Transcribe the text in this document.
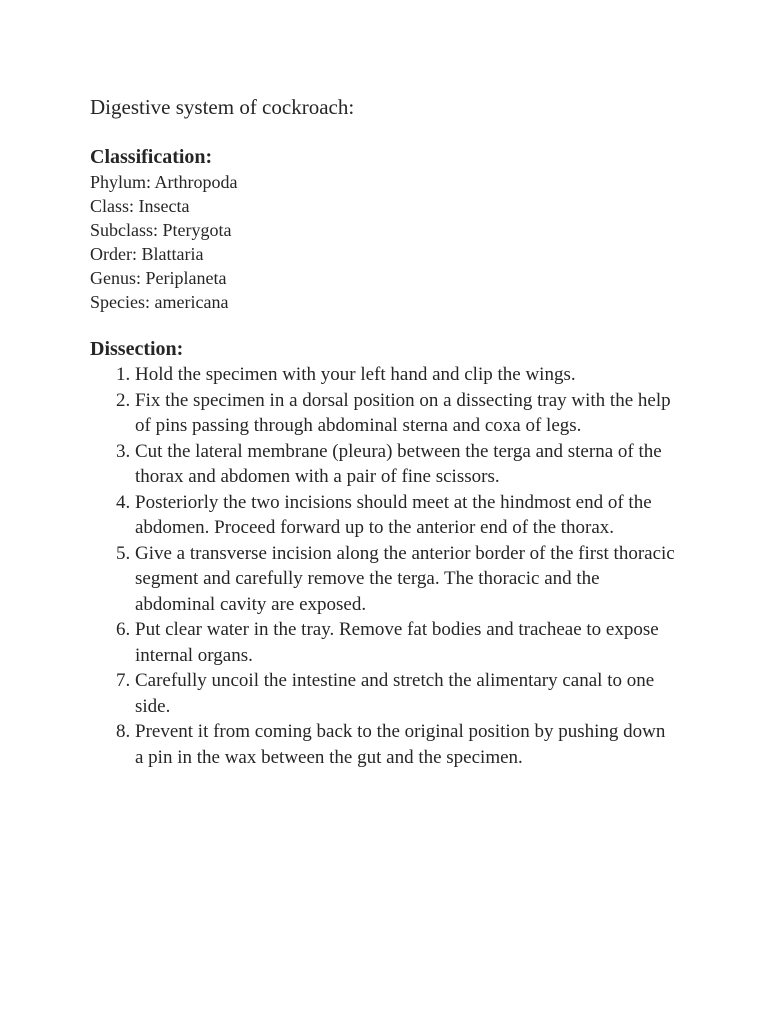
Digestive system of cockroach:
Classification:
Phylum: Arthropoda
Class: Insecta
Subclass: Pterygota
Order: Blattaria
Genus: Periplaneta
Species: americana
Dissection:
1. Hold the specimen with your left hand and clip the wings.
2. Fix the specimen in a dorsal position on a dissecting tray with the help of pins passing through abdominal sterna and coxa of legs.
3. Cut the lateral membrane (pleura) between the terga and sterna of the thorax and abdomen with a pair of fine scissors.
4. Posteriorly the two incisions should meet at the hindmost end of the abdomen. Proceed forward up to the anterior end of the thorax.
5. Give a transverse incision along the anterior border of the first thoracic segment and carefully remove the terga. The thoracic and the abdominal cavity are exposed.
6. Put clear water in the tray. Remove fat bodies and tracheae to expose internal organs.
7. Carefully uncoil the intestine and stretch the alimentary canal to one side.
8. Prevent it from coming back to the original position by pushing down a pin in the wax between the gut and the specimen.
